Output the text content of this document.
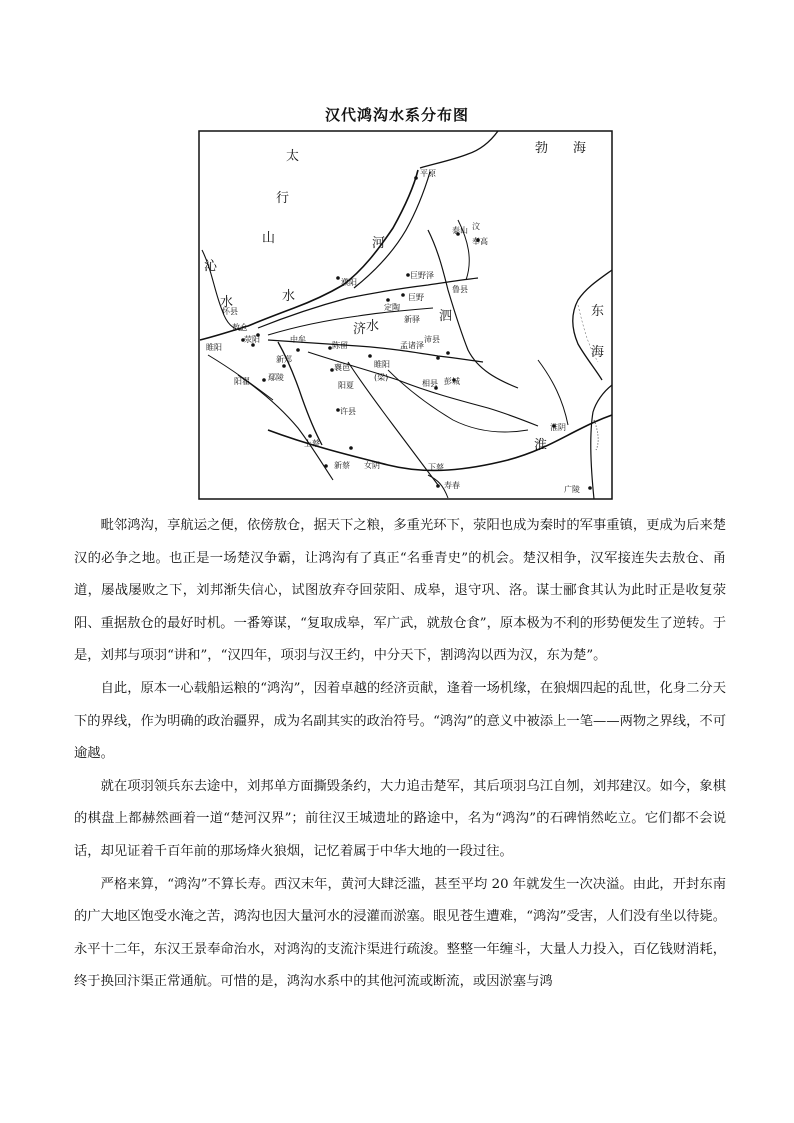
汉代鸿沟水系分布图
太
行
山
勃 海
东
海
河
沁
水	水
济
泗
淮
水
平原
泰山
奉高
汶
巨野泽
巨野
鲁县
濮阳
定陶
新驿
怀县
敖仓
荥阳
睢阳
中牟
陈留	孟诸泽
睢阳
(梁)
襄邑
沛县
彭城
相县
新郑
阳翟 鄢陵
阳夏
许县
上蔡
新蔡 女阴	下蔡
寿春
淮阴
广陵

毗邻鸿沟，享航运之便，依傍敖仓，据天下之粮，多重光环下，荥阳也成为秦时的军事重镇，更成为后来楚汉的必争之地。也正是一场楚汉争霸，让鸿沟有了真正“名垂青史”的机会。楚汉相争，汉军接连失去敖仓、甬道，屡战屡败之下，刘邦渐失信心，试图放弃夺回荥阳、成皋，退守巩、洛。谋士郦食其认为此时正是收复荥阳、重据敖仓的最好时机。一番筹谋，“复取成皋，军广武，就敖仓食”，原本极为不利的形势便发生了逆转。于是，刘邦与项羽“讲和”，“汉四年，项羽与汉王约，中分天下，割鸿沟以西为汉，东为楚”。

自此，原本一心载船运粮的“鸿沟”，因着卓越的经济贡献，逢着一场机缘，在狼烟四起的乱世，化身二分天下的界线，作为明确的政治疆界，成为名副其实的政治符号。“鸿沟”的意义中被添上一笔——两物之界线，不可逾越。

就在项羽领兵东去途中，刘邦单方面撕毁条约，大力追击楚军，其后项羽乌江自刎，刘邦建汉。如今，象棋的棋盘上都赫然画着一道“楚河汉界”；前往汉王城遗址的路途中，名为“鸿沟”的石碑悄然屹立。它们都不会说话，却见证着千百年前的那场烽火狼烟，记忆着属于中华大地的一段过往。

严格来算，“鸿沟”不算长寿。西汉末年，黄河大肆泛滥，甚至平均 20 年就发生一次决溢。由此，开封东南的广大地区饱受水淹之苦，鸿沟也因大量河水的浸灌而淤塞。眼见苍生遭难，“鸿沟”受害，人们没有坐以待毙。永平十二年，东汉王景奉命治水，对鸿沟的支流汴渠进行疏浚。整整一年缠斗，大量人力投入，百亿钱财消耗，终于换回汴渠正常通航。可惜的是，鸿沟水系中的其他河流或断流，或因淤塞与鸿
